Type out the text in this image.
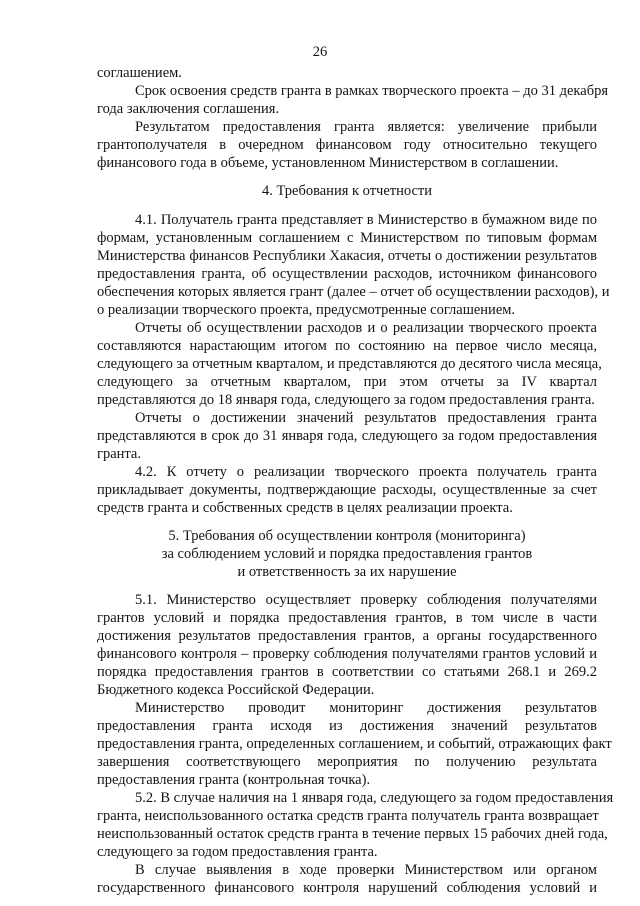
26
соглашением.
Срок освоения средств гранта в рамках творческого проекта – до 31 декабря
года заключения соглашения.
Результатом предоставления гранта является: увеличение прибыли
грантополучателя в очередном финансовом году относительно текущего
финансового года в объеме, установленном Министерством в соглашении.
4. Требования к отчетности
4.1. Получатель гранта представляет в Министерство в бумажном виде по
формам, установленным соглашением с Министерством по типовым формам
Министерства финансов Республики Хакасия, отчеты о достижении результатов
предоставления гранта, об осуществлении расходов, источником финансового
обеспечения которых является грант (далее – отчет об осуществлении расходов), и
о реализации творческого проекта, предусмотренные соглашением.
Отчеты об осуществлении расходов и о реализации творческого проекта
составляются нарастающим итогом по состоянию на первое число месяца,
следующего за отчетным кварталом, и представляются до десятого числа месяца,
следующего за отчетным кварталом, при этом отчеты за IV квартал
представляются до 18 января года, следующего за годом предоставления гранта.
Отчеты о достижении значений результатов предоставления гранта
представляются в срок до 31 января года, следующего за годом предоставления
гранта.
4.2. К отчету о реализации творческого проекта получатель гранта
прикладывает документы, подтверждающие расходы, осуществленные за счет
средств гранта и собственных средств в целях реализации проекта.
5. Требования об осуществлении контроля (мониторинга)
за соблюдением условий и порядка предоставления грантов
и ответственность за их нарушение
5.1. Министерство осуществляет проверку соблюдения получателями
грантов условий и порядка предоставления грантов, в том числе в части
достижения результатов предоставления грантов, а органы государственного
финансового контроля – проверку соблюдения получателями грантов условий и
порядка предоставления грантов в соответствии со статьями 268.1 и 269.2
Бюджетного кодекса Российской Федерации.
Министерство проводит мониторинг достижения результатов
предоставления гранта исходя из достижения значений результатов
предоставления гранта, определенных соглашением, и событий, отражающих факт
завершения соответствующего мероприятия по получению результата
предоставления гранта (контрольная точка).
5.2. В случае наличия на 1 января года, следующего за годом предоставления
гранта, неиспользованного остатка средств гранта получатель гранта возвращает
неиспользованный остаток средств гранта в течение первых 15 рабочих дней года,
следующего за годом предоставления гранта.
В случае выявления в ходе проверки Министерством или органом
государственного финансового контроля нарушений соблюдения условий и
